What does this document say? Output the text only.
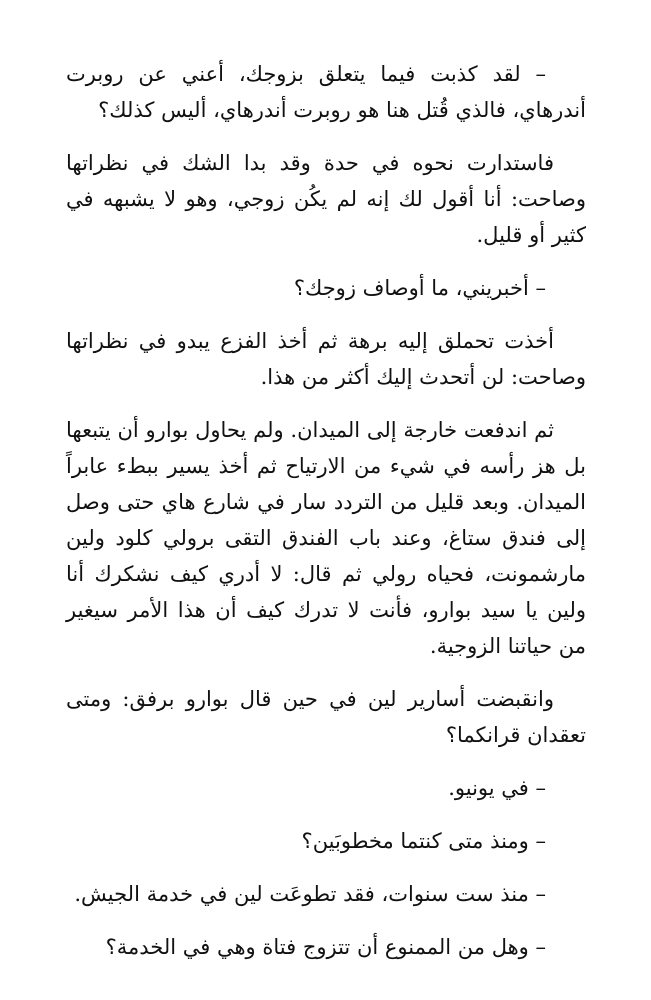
– لقد كذبت فيما يتعلق بزوجك، أعني عن روبرت أندرهاي، فالذي قُتل هنا هو روبرت أندرهاي، أليس كذلك؟

فاستدارت نحوه في حدة وقد بدا الشك في نظراتها وصاحت: أنا أقول لك إنه لم يكُن زوجي، وهو لا يشبهه في كثير أو قليل.

– أخبريني، ما أوصاف زوجك؟

أخذت تحملق إليه برهة ثم أخذ الفزع يبدو في نظراتها وصاحت: لن أتحدث إليك أكثر من هذا.

ثم اندفعت خارجة إلى الميدان. ولم يحاول بوارو أن يتبعها بل هز رأسه في شيء من الارتياح ثم أخذ يسير ببطء عابراً الميدان. وبعد قليل من التردد سار في شارع هاي حتى وصل إلى فندق ستاغ، وعند باب الفندق التقى برولي كلود ولين مارشمونت، فحياه رولي ثم قال: لا أدري كيف نشكرك أنا ولين يا سيد بوارو، فأنت لا تدرك كيف أن هذا الأمر سيغير من حياتنا الزوجية.

وانقبضت أسارير لين في حين قال بوارو برفق: ومتى تعقدان قرانكما؟

– في يونيو.

– ومنذ متى كنتما مخطوبَين؟

– منذ ست سنوات، فقد تطوعَت لين في خدمة الجيش.

– وهل من الممنوع أن تتزوج فتاة وهي في الخدمة؟
